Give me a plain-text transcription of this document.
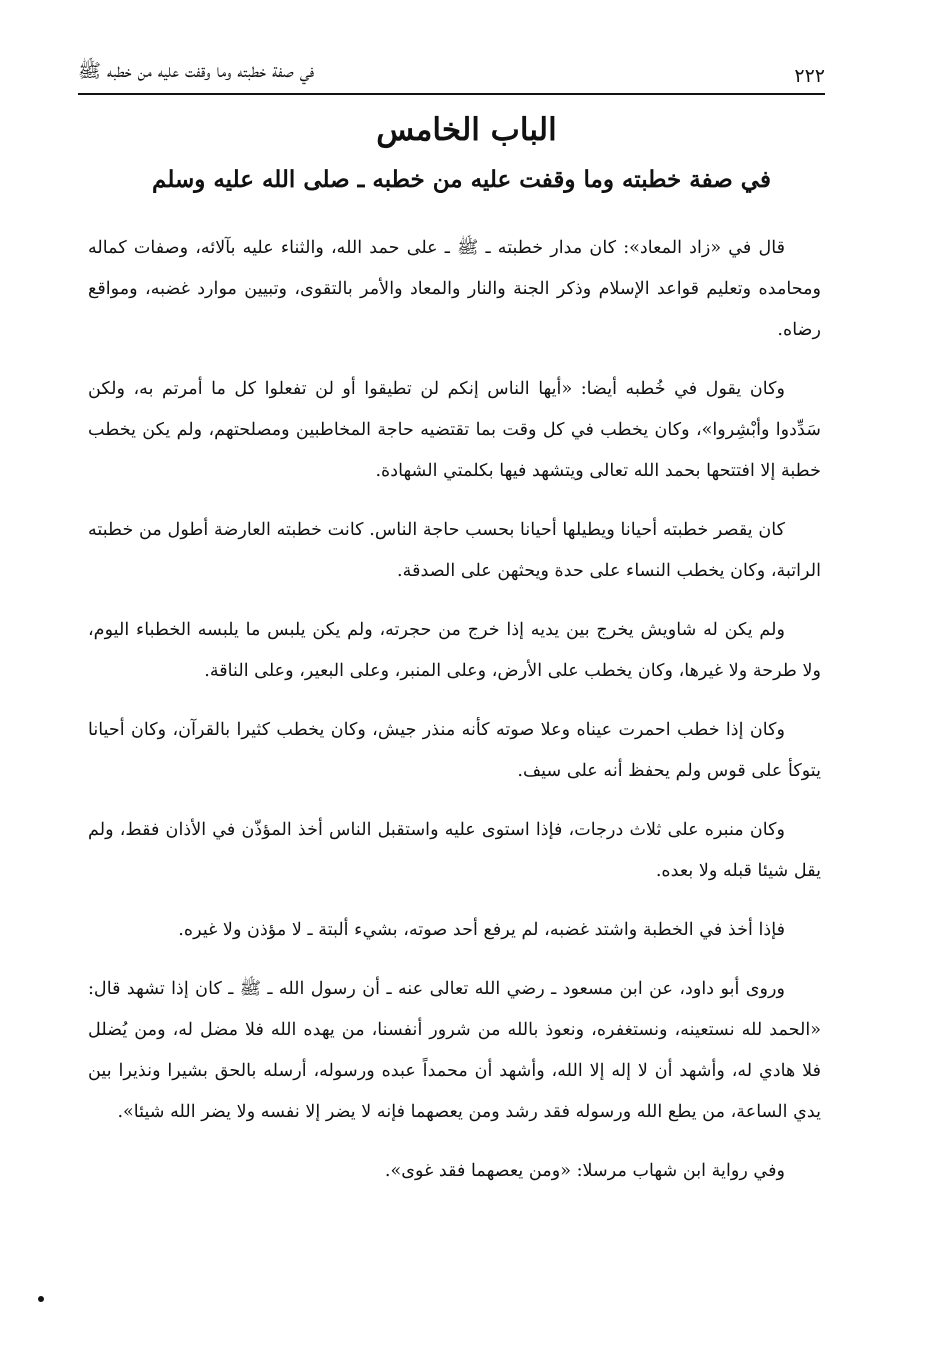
٢٢٢
في صفة خطبته وما وقفت عليه من خطبه ﷺ
الباب الخامس
في صفة خطبته وما وقفت عليه من خطبه ـ صلى الله عليه وسلم

قال في «زاد المعاد»: كان مدار خطبته ـ ﷺ ـ على حمد الله، والثناء عليه بآلائه، وصفات كماله ومحامده وتعليم قواعد الإسلام وذكر الجنة والنار والمعاد والأمر بالتقوى، وتبيين موارد غضبه، ومواقع رضاه.

وكان يقول في خُطبه أيضا: «أيها الناس إنكم لن تطيقوا أو لن تفعلوا كل ما أمرتم به، ولكن سَدِّدوا وأبْشِروا»، وكان يخطب في كل وقت بما تقتضيه حاجة المخاطبين ومصلحتهم، ولم يكن يخطب خطبة إلا افتتحها بحمد الله تعالى ويتشهد فيها بكلمتي الشهادة.

كان يقصر خطبته أحيانا ويطيلها أحيانا بحسب حاجة الناس. كانت خطبته العارضة أطول من خطبته الراتبة، وكان يخطب النساء على حدة ويحثهن على الصدقة.

ولم يكن له شاويش يخرج بين يديه إذا خرج من حجرته، ولم يكن يلبس ما يلبسه الخطباء اليوم، ولا طرحة ولا غيرها، وكان يخطب على الأرض، وعلى المنبر، وعلى البعير، وعلى الناقة.

وكان إذا خطب احمرت عيناه وعلا صوته كأنه منذر جيش، وكان يخطب كثيرا بالقرآن، وكان أحيانا يتوكأ على قوس ولم يحفظ أنه على سيف.

وكان منبره على ثلاث درجات، فإذا استوى عليه واستقبل الناس أخذ المؤذّن في الأذان فقط، ولم يقل شيئا قبله ولا بعده.

فإذا أخذ في الخطبة واشتد غضبه، لم يرفع أحد صوته، بشيء ألبتة ـ لا مؤذن ولا غيره.

وروى أبو داود، عن ابن مسعود ـ رضي الله تعالى عنه ـ أن رسول الله ـ ﷺ ـ كان إذا تشهد قال: «الحمد لله نستعينه، ونستغفره، ونعوذ بالله من شرور أنفسنا، من يهده الله فلا مضل له، ومن يُضلل فلا هادي له، وأشهد أن لا إله إلا الله، وأشهد أن محمداً عبده ورسوله، أرسله بالحق بشيرا ونذيرا بين يدي الساعة، من يطع الله ورسوله فقد رشد ومن يعصهما فإنه لا يضر إلا نفسه ولا يضر الله شيئا».

وفي رواية ابن شهاب مرسلا: «ومن يعصهما فقد غوى».
